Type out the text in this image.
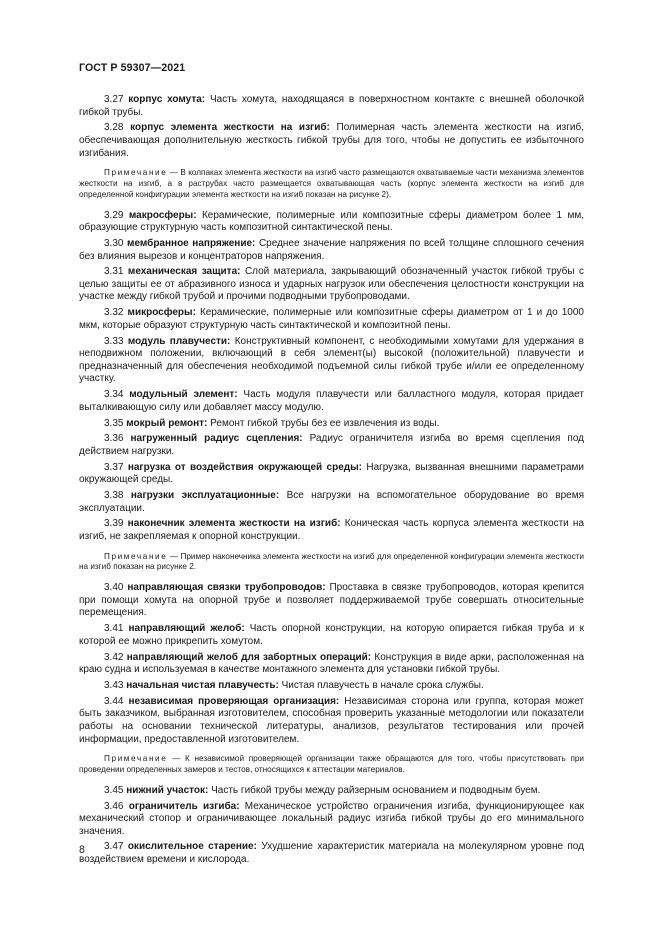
ГОСТ Р 59307—2021

3.27 корпус хомута: Часть хомута, находящаяся в поверхностном контакте с внешней оболочкой гибкой трубы.

3.28 корпус элемента жесткости на изгиб: Полимерная часть элемента жесткости на изгиб, обеспечивающая дополнительную жесткость гибкой трубы для того, чтобы не допустить ее избыточного изгибания.

Примечание — В колпаках элемента жесткости на изгиб часто размещаются охватываемые части механизма элементов жесткости на изгиб, а в раструбах часто размещается охватывающая часть (корпус элемента жесткости на изгиб для определенной конфигурации элемента жесткости на изгиб показан на рисунке 2).

3.29 макросферы: Керамические, полимерные или композитные сферы диаметром более 1 мм, образующие структурную часть композитной синтактической пены.

3.30 мембранное напряжение: Среднее значение напряжения по всей толщине сплошного сечения без влияния вырезов и концентраторов напряжения.

3.31 механическая защита: Слой материала, закрывающий обозначенный участок гибкой трубы с целью защиты ее от абразивного износа и ударных нагрузок или обеспечения целостности конструкции на участке между гибкой трубой и прочими подводными трубопроводами.

3.32 микросферы: Керамические, полимерные или композитные сферы диаметром от 1 и до 1000 мкм, которые образуют структурную часть синтактической и композитной пены.

3.33 модуль плавучести: Конструктивный компонент, с необходимыми хомутами для удержания в неподвижном положении, включающий в себя элемент(ы) высокой (положительной) плавучести и предназначенный для обеспечения необходимой подъемной силы гибкой трубе и/или ее определенному участку.

3.34 модульный элемент: Часть модуля плавучести или балластного модуля, которая придает выталкивающую силу или добавляет массу модулю.

3.35 мокрый ремонт: Ремонт гибкой трубы без ее извлечения из воды.

3.36 нагруженный радиус сцепления: Радиус ограничителя изгиба во время сцепления под действием нагрузки.

3.37 нагрузка от воздействия окружающей среды: Нагрузка, вызванная внешними параметрами окружающей среды.

3.38 нагрузки эксплуатационные: Все нагрузки на вспомогательное оборудование во время эксплуатации.

3.39 наконечник элемента жесткости на изгиб: Коническая часть корпуса элемента жесткости на изгиб, не закрепляемая к опорной конструкции.

Примечание — Пример наконечника элемента жесткости на изгиб для определенной конфигурации элемента жесткости на изгиб показан на рисунке 2.

3.40 направляющая связки трубопроводов: Проставка в связке трубопроводов, которая крепится при помощи хомута на опорной трубе и позволяет поддерживаемой трубе совершать относительные перемещения.

3.41 направляющий желоб: Часть опорной конструкции, на которую опирается гибкая труба и к которой ее можно прикрепить хомутом.

3.42 направляющий желоб для забортных операций: Конструкция в виде арки, расположенная на краю судна и используемая в качестве монтажного элемента для установки гибкой трубы.

3.43 начальная чистая плавучесть: Чистая плавучесть в начале срока службы.

3.44 независимая проверяющая организация: Независимая сторона или группа, которая может быть заказчиком, выбранная изготовителем, способная проверить указанные методологии или показатели работы на основании технической литературы, анализов, результатов тестирования или прочей информации, предоставленной изготовителем.

Примечание — К независимой проверяющей организации также обращаются для того, чтобы присутствовать при проведении определенных замеров и тестов, относящихся к аттестации материалов.

3.45 нижний участок: Часть гибкой трубы между райзерным основанием и подводным буем.

3.46 ограничитель изгиба: Механическое устройство ограничения изгиба, функционирующее как механический стопор и ограничивающее локальный радиус изгиба гибкой трубы до его минимального значения.

3.47 окислительное старение: Ухудшение характеристик материала на молекулярном уровне под воздействием времени и кислорода.

8
